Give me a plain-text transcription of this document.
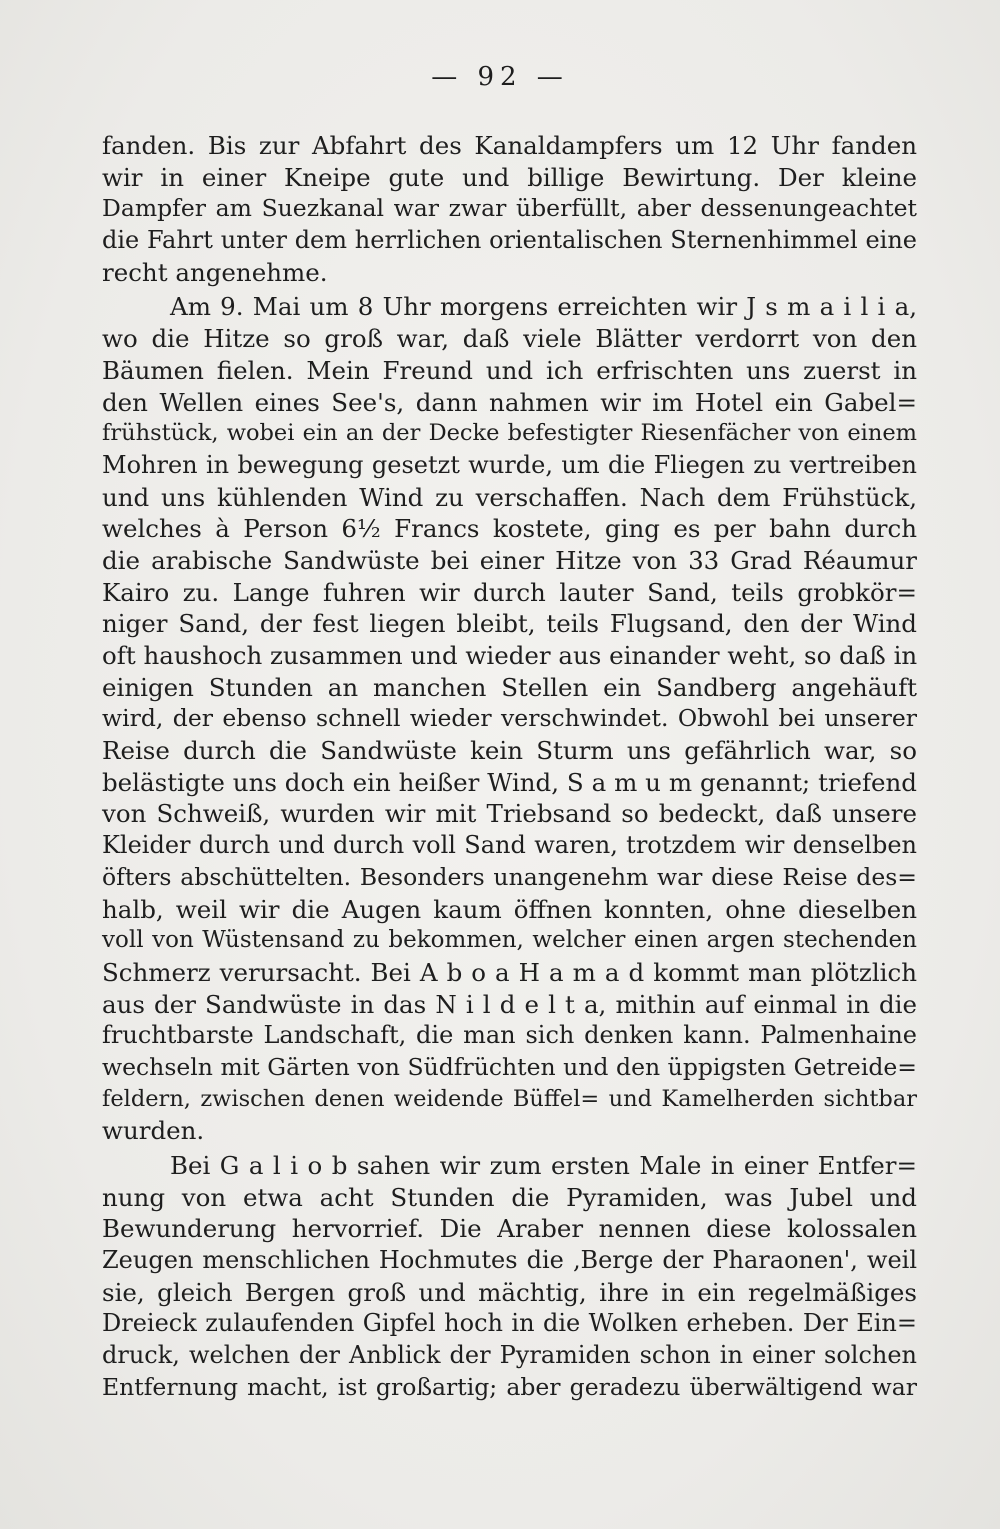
— 92 —
fanden. Bis zur Abfahrt des Kanaldampfers um 12 Uhr fanden
wir in einer Kneipe gute und billige Bewirtung. Der kleine
Dampfer am Suezkanal war zwar überfüllt, aber dessenungeachtet
die Fahrt unter dem herrlichen orientalischen Sternenhimmel eine
recht angenehme.
Am 9. Mai um 8 Uhr morgens erreichten wir J s m a i l i a,
wo die Hitze so groß war, daß viele Blätter verdorrt von den
Bäumen fielen. Mein Freund und ich erfrischten uns zuerst in
den Wellen eines See's, dann nahmen wir im Hotel ein Gabel=
frühstück, wobei ein an der Decke befestigter Riesenfächer von einem
Mohren in bewegung gesetzt wurde, um die Fliegen zu vertreiben
und uns kühlenden Wind zu verschaffen. Nach dem Frühstück,
welches à Person 6½ Francs kostete, ging es per bahn durch
die arabische Sandwüste bei einer Hitze von 33 Grad Réaumur
Kairo zu. Lange fuhren wir durch lauter Sand, teils grobkör=
niger Sand, der fest liegen bleibt, teils Flugsand, den der Wind
oft haushoch zusammen und wieder aus einander weht, so daß in
einigen Stunden an manchen Stellen ein Sandberg angehäuft
wird, der ebenso schnell wieder verschwindet. Obwohl bei unserer
Reise durch die Sandwüste kein Sturm uns gefährlich war, so
belästigte uns doch ein heißer Wind, S a m u m genannt; triefend
von Schweiß, wurden wir mit Triebsand so bedeckt, daß unsere
Kleider durch und durch voll Sand waren, trotzdem wir denselben
öfters abschüttelten. Besonders unangenehm war diese Reise des=
halb, weil wir die Augen kaum öffnen konnten, ohne dieselben
voll von Wüstensand zu bekommen, welcher einen argen stechenden
Schmerz verursacht. Bei A b o a H a m a d kommt man plötzlich
aus der Sandwüste in das N i l d e l t a, mithin auf einmal in die
fruchtbarste Landschaft, die man sich denken kann. Palmenhaine
wechseln mit Gärten von Südfrüchten und den üppigsten Getreide=
feldern, zwischen denen weidende Büffel= und Kamelherden sichtbar
wurden.
Bei G a l i o b sahen wir zum ersten Male in einer Entfer=
nung von etwa acht Stunden die Pyramiden, was Jubel und
Bewunderung hervorrief. Die Araber nennen diese kolossalen
Zeugen menschlichen Hochmutes die ‚Berge der Pharaonen', weil
sie, gleich Bergen groß und mächtig, ihre in ein regelmäßiges
Dreieck zulaufenden Gipfel hoch in die Wolken erheben. Der Ein=
druck, welchen der Anblick der Pyramiden schon in einer solchen
Entfernung macht, ist großartig; aber geradezu überwältigend war
